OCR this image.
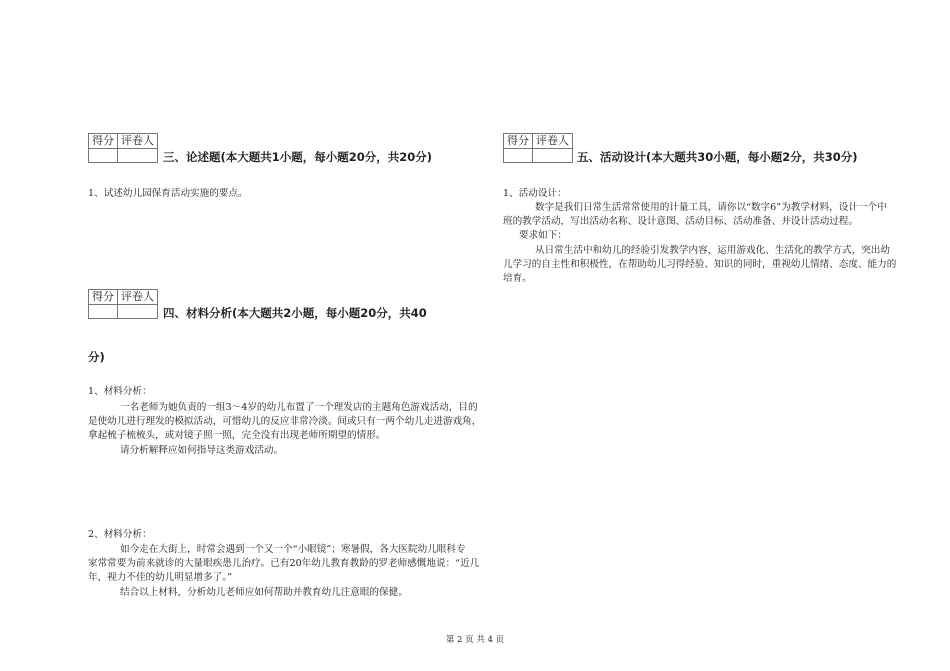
得分	评卷人

三、论述题(本大题共1小题，每小题20分，共20分)
1、试述幼儿园保育活动实施的要点。
得分	评卷人

四、材料分析(本大题共2小题，每小题20分，共40
分)
1、材料分析：
一名老师为她负责的一组3～4岁的幼儿布置了一个理发店的主题角色游戏活动，目的
是使幼儿进行理发的模拟活动，可惜幼儿的反应非常冷淡。间或只有一两个幼儿走进游戏角，
拿起梳子梳梳头，或对镜子照一照，完全没有出现老师所期望的情形。
请分析解释应如何指导这类游戏活动。
2、材料分析：
如今走在大街上，时常会遇到一个又一个“小眼镜”；寒暑假，各大医院幼儿眼科专
家常常要为前来就诊的大量眼疾患儿治疗。已有20年幼儿教育教龄的罗老师感慨地说：“近几
年，视力不佳的幼儿明显增多了。”
结合以上材料，分析幼儿老师应如何帮助并教育幼儿注意眼的保健。
得分	评卷人

五、活动设计(本大题共30小题，每小题2分，共30分)
1、活动设计：
数字是我们日常生活常常使用的计量工具，请你以“数字6”为教学材料，设计一个中
班的教学活动，写出活动名称、设计意图、活动目标、活动准备、并设计活动过程。
要求如下：
从日常生活中和幼儿的经验引发教学内容，运用游戏化、生活化的教学方式，突出幼
儿学习的自主性和积极性，在帮助幼儿习得经验、知识的同时，重视幼儿情绪、态度、能力的
培育。
第 2 页 共 4 页
